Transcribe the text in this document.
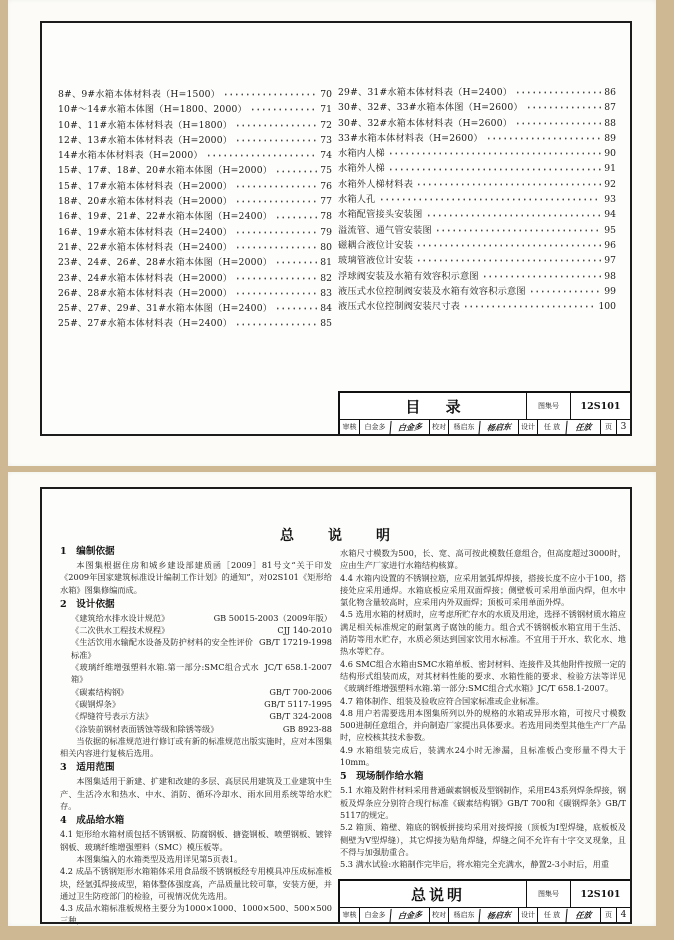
8#、9#水箱本体材料表（H=1500）	70
10#～14#水箱本体图（H=1800、2000）	71
10#、11#水箱本体材料表（H=1800）	72
12#、13#水箱本体材料表（H=2000）	73
14#水箱本体材料表（H=2000）	74
15#、17#、18#、20#水箱本体图（H=2000）	75
15#、17#水箱本体材料表（H=2000）	76
18#、20#水箱本体材料表（H=2000）	77
16#、19#、21#、22#水箱本体图（H=2400）	78
16#、19#水箱本体材料表（H=2400）	79
21#、22#水箱本体材料表（H=2400）	80
23#、24#、26#、28#水箱本体图（H=2000）	81
23#、24#水箱本体材料表（H=2000）	82
26#、28#水箱本体材料表（H=2000）	83
25#、27#、29#、31#水箱本体图（H=2400）	84
25#、27#水箱本体材料表（H=2400）	85
29#、31#水箱本体材料表（H=2400）	86
30#、32#、33#水箱本体图（H=2600）	87
30#、32#水箱本体材料表（H=2600）	88
33#水箱本体材料表（H=2600）	89
水箱内人梯	90
水箱外人梯	91
水箱外人梯材料表	92
水箱人孔	93
水箱配管接头安装图	94
溢流管、通气管安装图	95
磁耦合液位计安装	96
玻璃管液位计安装	97
浮球阀安装及水箱有效容积示意图	98
液压式水位控制阀安装及水箱有效容积示意图	99
液压式水位控制阀安装尺寸表	100
目 录	图集号	12S101
审核	白金多	白金多	校对	杨启东	杨启东	设计	任 放	任放	页 3
总　　说　　明
1　编制依据

本图集根据住房和城乡建设部建质函［2009］81号文“关于印发《2009年国家建筑标准设计编制工作计划》的通知”，对02S101《矩形给水箱》图集修编而成。

2　设计依据
《建筑给水排水设计规范》	GB 50015-2003（2009年版）
《二次供水工程技术规程》	CJJ 140-2010
《生活饮用水输配水设备及防护材料的安全性评价标准》
GB/T 17219-1998
《玻璃纤维增强塑料水箱.第一部分:SMC组合式水箱》
JC/T 658.1-2007
《碳素结构钢》	GB/T 700-2006
《碳钢焊条》	GB/T 5117-1995
《焊缝符号表示方法》	GB/T 324-2008
《涂装前钢材表面锈蚀等级和除锈等级》	GB 8923-88

当依据的标准规范进行修订或有新的标准规范出版实施时，应对本图集相关内容进行复核后选用。

3　适用范围

本图集适用于新建、扩建和改建的多层、高层民用建筑及工业建筑中生产、生活冷水和热水、中水、消防、循环冷却水、雨水回用系统等给水贮存。

4　成品给水箱

4.1 矩形给水箱材质包括不锈钢板、防腐钢板、搪瓷钢板、喷塑钢板、镀锌钢板、玻璃纤维增强塑料（SMC）模压板等。

本图集编入的水箱类型及选用详见第5页表1。

4.2 成品不锈钢矩形水箱箱体采用食品级不锈钢板经专用模具冲压成标准板块，经氩弧焊接成型，箱体整体强度高，产品质量比较可靠，安装方便，并通过卫生防疫部门的检验，可视情况优先选用。

4.3 成品水箱标准板规格主要分为1000×1000、1000×500、500×500三种，

水箱尺寸模数为500，长、宽、高可按此模数任意组合，但高度超过3000时，应由生产厂家进行水箱结构核算。

4.4 水箱内设置的不锈钢拉筋，应采用氩弧焊焊接，搭接长度不应小于100，搭接处应采用通焊。水箱底板应采用双面焊接；侧壁板可采用单面内焊，但水中氯化物含量较高时，应采用内外双面焊；顶板可采用单面外焊。

4.5 选用水箱的材质时，应考虑所贮存水的水质及用途，选择不锈钢材质水箱应满足相关标准规定的耐氯离子腐蚀的能力。组合式不锈钢板水箱宜用于生活、消防等用水贮存，水质必须达到国家饮用水标准。不宜用于开水、软化水、地热水等贮存。

4.6 SMC组合水箱由SMC水箱单板、密封材料、连接件及其他附件按照一定的结构形式组装而成，对其材料性能的要求、水箱性能的要求、检验方法等详见《玻璃纤维增强塑料水箱.第一部分:SMC组合式水箱》JC/T 658.1-2007。

4.7 箱体制作、组装及验收应符合国家标准或企业标准。

4.8 用户若需要选用本图集所列以外的规格的水箱或异形水箱，可按尺寸模数500进制任意组合，并向制造厂家提出具体要求。若选用同类型其他生产厂产品时，应校核其技术参数。

4.9 水箱组装完成后，装满水24小时无渗漏，且标准板凸变形量不得大于10mm。

5　现场制作给水箱

5.1 水箱及附件材料采用普通碳素钢板及型钢制作，采用E43系列焊条焊接，钢板及焊条应分别符合现行标准《碳素结构钢》GB/T 700和《碳钢焊条》GB/T 5117的规定。

5.2 箱顶、箱壁、箱底的钢板拼接均采用对接焊接（顶板为I型焊缝，底板板及侧壁为V型焊缝），其它焊接为贴角焊缝，焊缝之间不允许有十字交叉现象，且不得与加强肋重合。

5.3 满水试验:水箱制作完毕后，将水箱完全充满水，静置2-3小时后，用重

总说明	图集号	12S101
审核	白金多	白金多	校对	杨启东	杨启东	设计	任 放	任放	页 4
